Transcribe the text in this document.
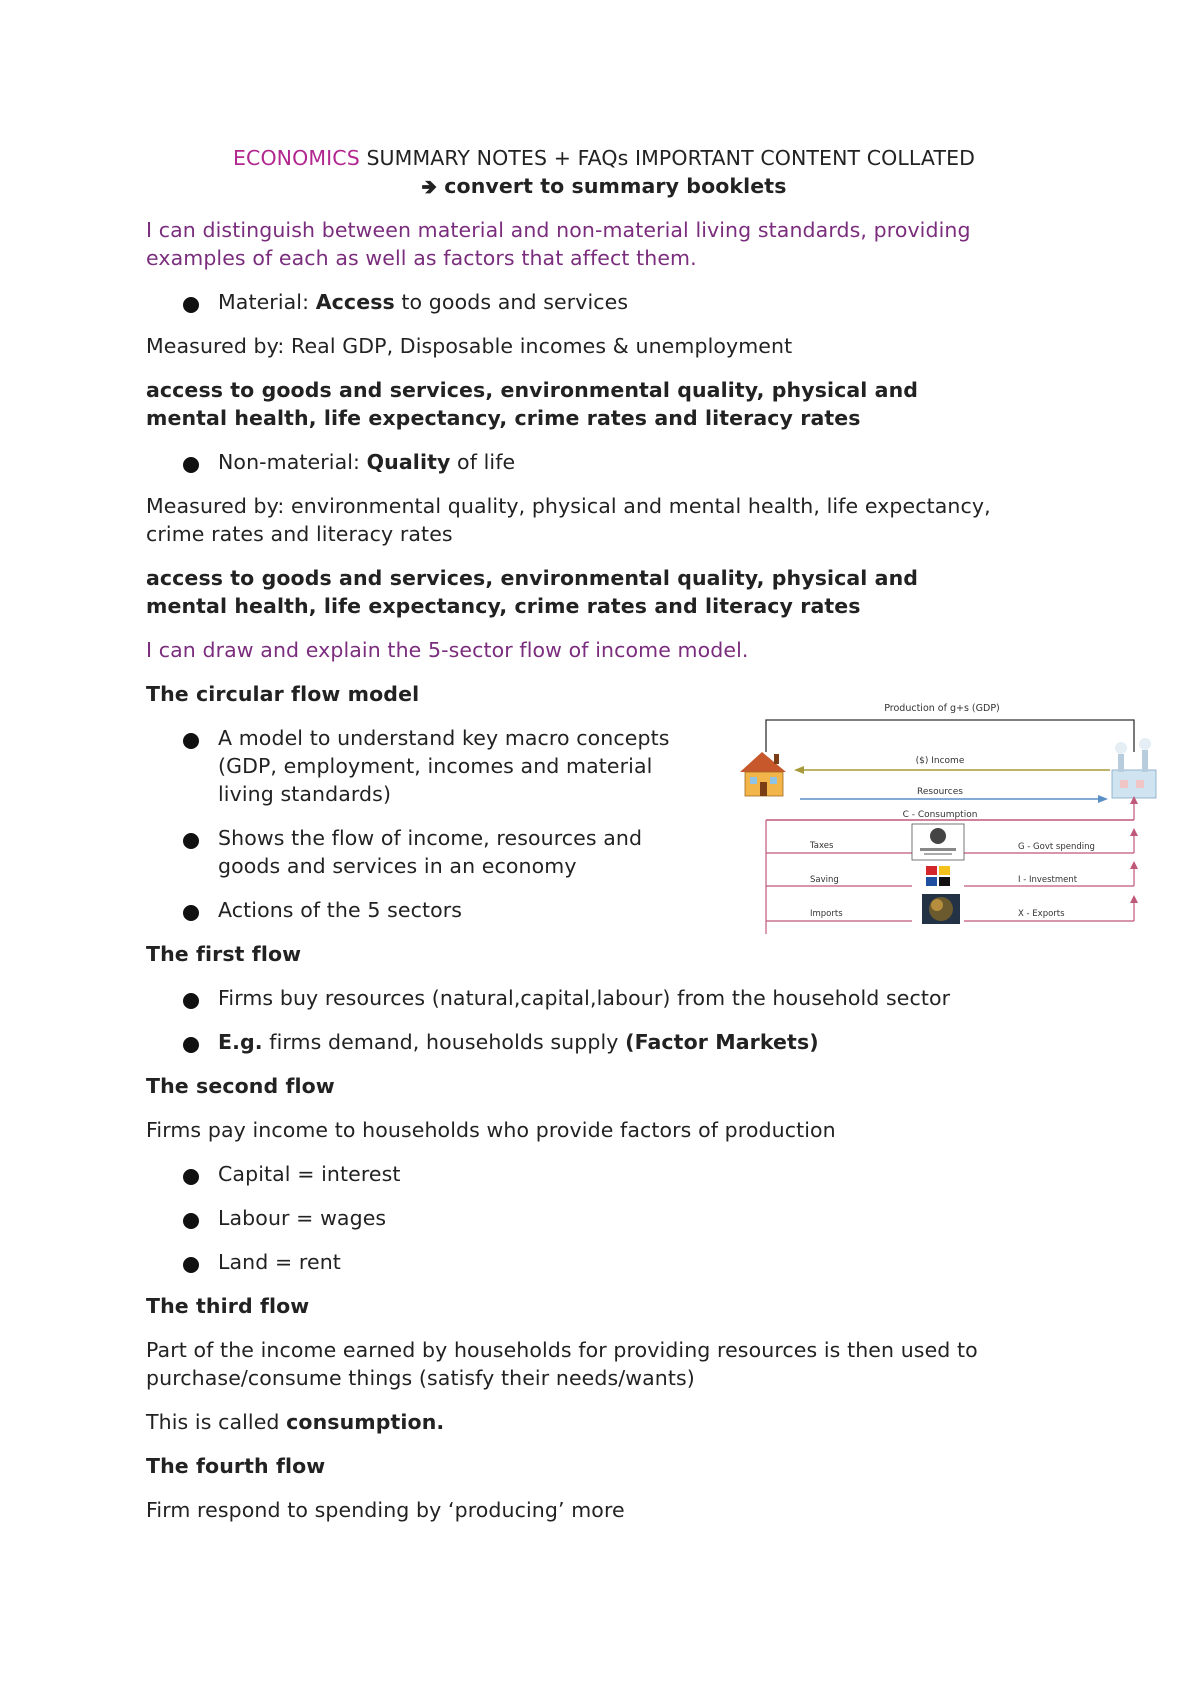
ECONOMICS SUMMARY NOTES + FAQs IMPORTANT CONTENT COLLATED
🡺 convert to summary booklets
I can distinguish between material and non-material living standards, providing
examples of each as well as factors that affect them.
Material: Access to goods and services
Measured by: Real GDP, Disposable incomes & unemployment
access to goods and services, environmental quality, physical and
mental health, life expectancy, crime rates and literacy rates
Non-material: Quality of life
Measured by: environmental quality, physical and mental health, life expectancy,
crime rates and literacy rates
access to goods and services, environmental quality, physical and
mental health, life expectancy, crime rates and literacy rates
I can draw and explain the 5-sector flow of income model.
The circular flow model
A model to understand key macro concepts
(GDP, employment, incomes and material
living standards)
Shows the flow of income, resources and
goods and services in an economy
Actions of the 5 sectors
Production of g+s (GDP)
($) Income
Resources
C - Consumption
Taxes	G - Govt spending
Saving	I - Investment
Imports	X - Exports
The first flow
Firms buy resources (natural,capital,labour) from the household sector
E.g. firms demand, households supply (Factor Markets)
The second flow
Firms pay income to households who provide factors of production
Capital = interest
Labour = wages
Land = rent
The third flow
Part of the income earned by households for providing resources is then used to
purchase/consume things (satisfy their needs/wants)
This is called consumption.
The fourth flow
Firm respond to spending by ‘producing’ more
